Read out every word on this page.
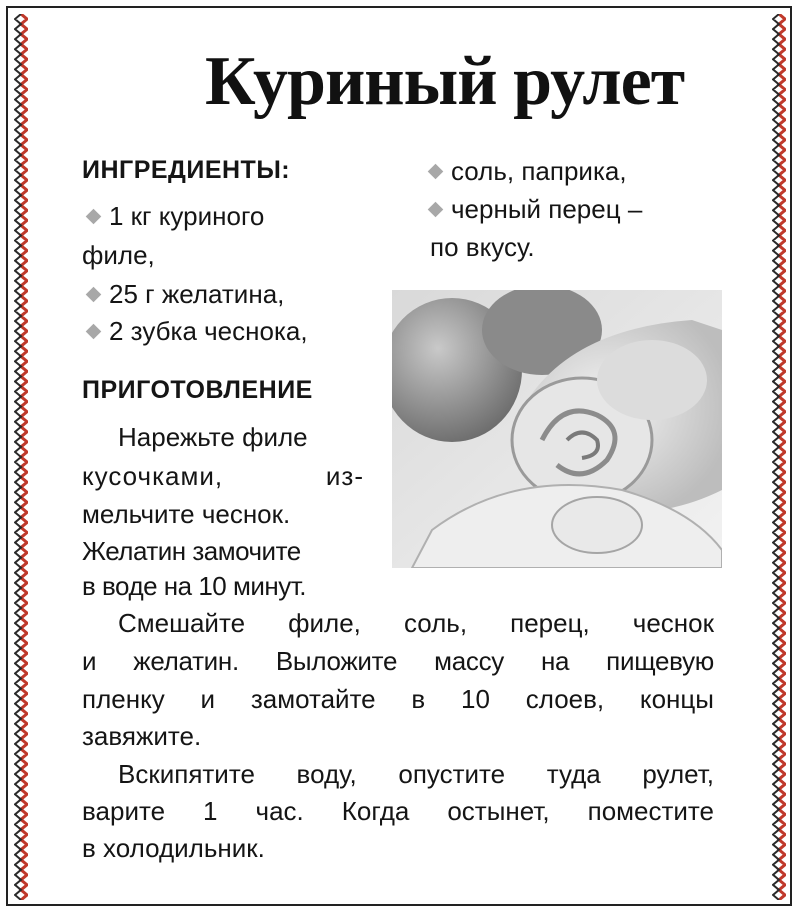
Куриный рулет
ИНГРЕДИЕНТЫ:
1 кг куриного
филе,
25 г желатина,
2 зубка чеснока,
соль, паприка,
черный перец –
по вкусу.
ПРИГОТОВЛЕНИЕ
Нарежьте филе
кусочками, из-
мельчите чеснок.
Желатин замочите
в воде на 10 минут.
Смешайте филе, соль, перец, чеснок
и желатин. Выложите массу на пищевую
пленку и замотайте в 10 слоев, концы
завяжите.
Вскипятите воду, опустите туда рулет,
варите 1 час. Когда остынет, поместите
в холодильник.
